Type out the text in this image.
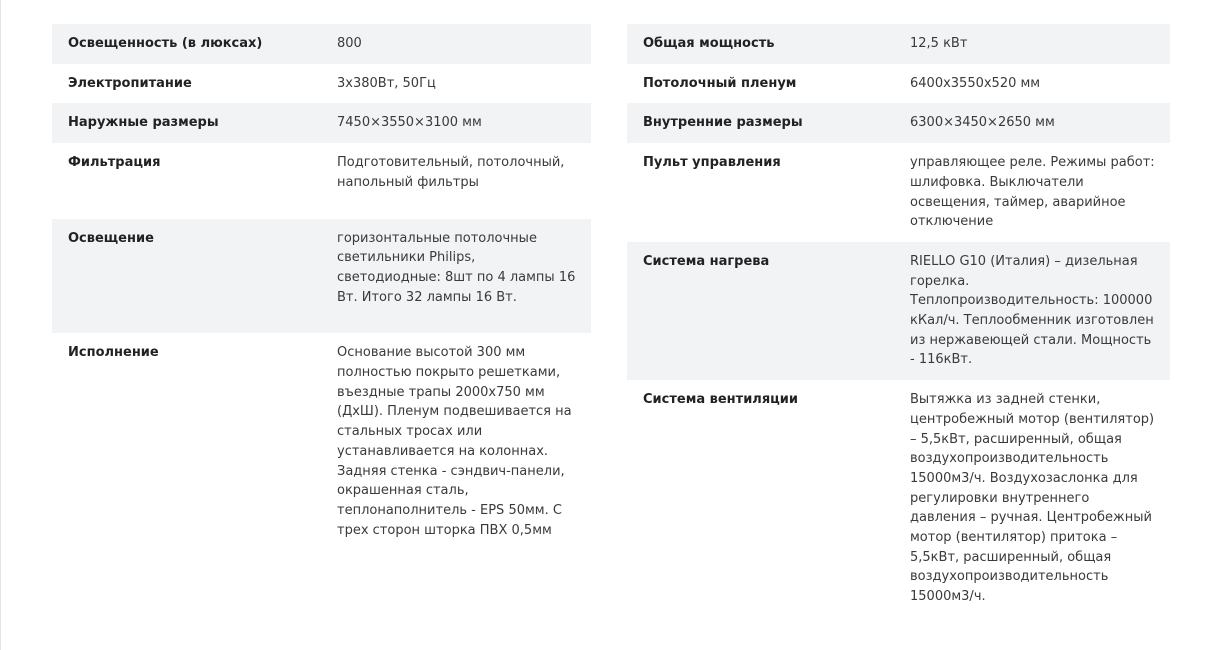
Освещенность (в люксах)	800
Электропитание	3х380Вт, 50Гц
Наружные размеры	7450×3550×3100 мм
Фильтрация	Подготовительный, потолочный, напольный фильтры
Освещение	горизонтальные потолочные светильники Philips, светодиодные: 8шт по 4 лампы 16 Вт. Итого 32 лампы 16 Вт.
Исполнение	Основание высотой 300 мм полностью покрыто решетками, въездные трапы 2000х750 мм (ДхШ). Пленум подвешивается на стальных тросах или устанавливается на колоннах. Задняя стенка - сэндвич-панели, окрашенная сталь, теплонаполнитель - EPS 50мм. С трех сторон шторка ПВХ 0,5мм
Общая мощность	12,5 кВт
Потолочный пленум	6400х3550х520 мм
Внутренние размеры	6300×3450×2650 мм
Пульт управления	управляющее реле. Режимы работ: шлифовка. Выключатели освещения, таймер, аварийное отключение
Система нагрева	RIELLO G10 (Италия) – дизельная горелка. Теплопроизводительность: 100000 кКал/ч. Теплообменник изготовлен из нержавеющей стали. Мощность - 116кВт.
Система вентиляции	Вытяжка из задней стенки, центробежный мотор (вентилятор) – 5,5кВт, расширенный, общая воздухопроизводительность 15000м3/ч. Воздухозаслонка для регулировки внутреннего давления – ручная. Центробежный мотор (вентилятор) притока – 5,5кВт, расширенный, общая воздухопроизводительность 15000м3/ч.
